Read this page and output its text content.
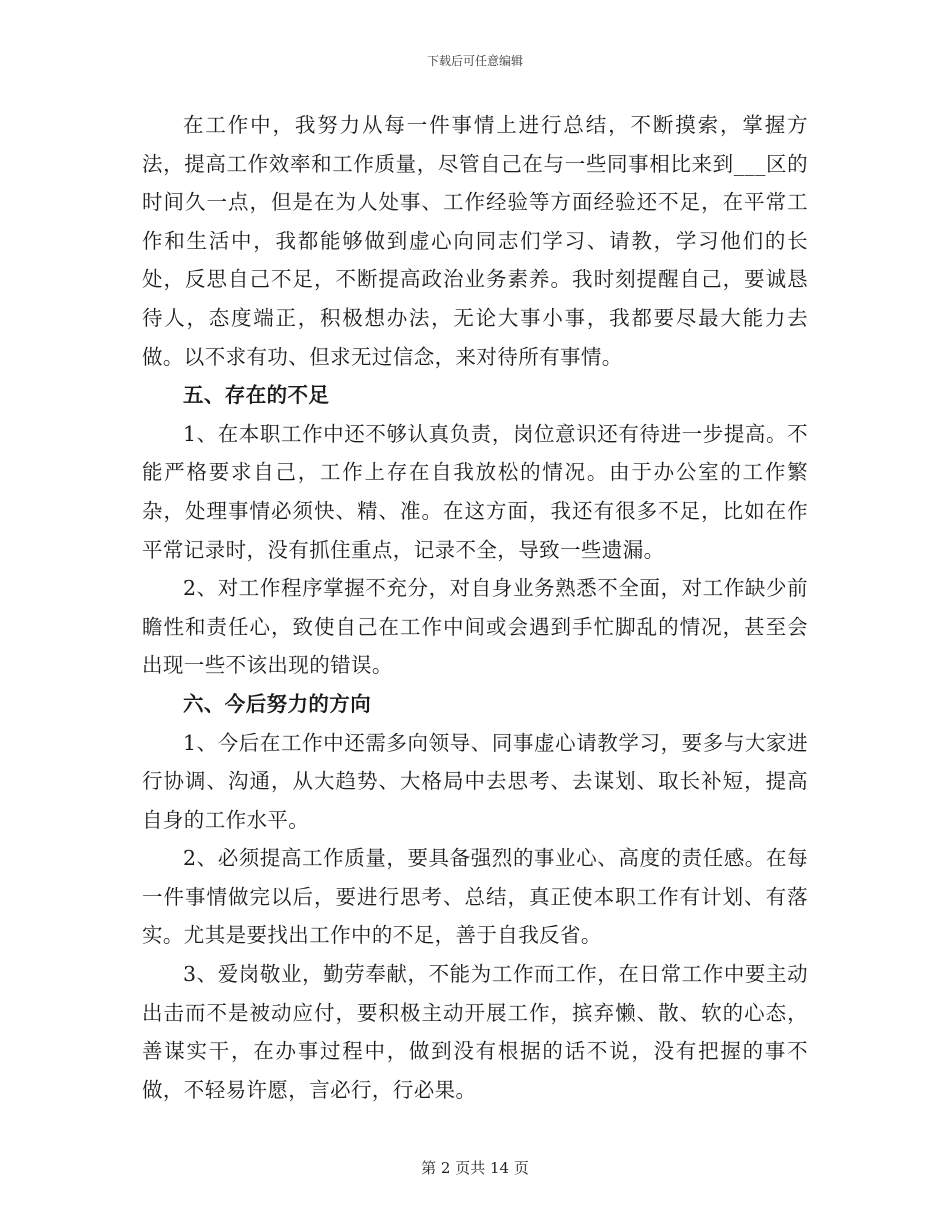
下载后可任意编辑

在工作中，我努力从每一件事情上进行总结，不断摸索，掌握方法，提高工作效率和工作质量，尽管自己在与一些同事相比来到___区的时间久一点，但是在为人处事、工作经验等方面经验还不足，在平常工作和生活中，我都能够做到虚心向同志们学习、请教，学习他们的长处，反思自己不足，不断提高政治业务素养。我时刻提醒自己，要诚恳待人，态度端正，积极想办法，无论大事小事，我都要尽最大能力去做。以不求有功、但求无过信念，来对待所有事情。

五、存在的不足

1、在本职工作中还不够认真负责，岗位意识还有待进一步提高。不能严格要求自己，工作上存在自我放松的情况。由于办公室的工作繁杂，处理事情必须快、精、准。在这方面，我还有很多不足，比如在作平常记录时，没有抓住重点，记录不全，导致一些遗漏。

2、对工作程序掌握不充分，对自身业务熟悉不全面，对工作缺少前瞻性和责任心，致使自己在工作中间或会遇到手忙脚乱的情况，甚至会出现一些不该出现的错误。

六、今后努力的方向

1、今后在工作中还需多向领导、同事虚心请教学习，要多与大家进行协调、沟通，从大趋势、大格局中去思考、去谋划、取长补短，提高自身的工作水平。

2、必须提高工作质量，要具备强烈的事业心、高度的责任感。在每一件事情做完以后，要进行思考、总结，真正使本职工作有计划、有落实。尤其是要找出工作中的不足，善于自我反省。

3、爱岗敬业，勤劳奉献，不能为工作而工作，在日常工作中要主动出击而不是被动应付，要积极主动开展工作，摈弃懒、散、软的心态，善谋实干，在办事过程中，做到没有根据的话不说，没有把握的事不做，不轻易许愿，言必行，行必果。

第 2 页共 14 页
